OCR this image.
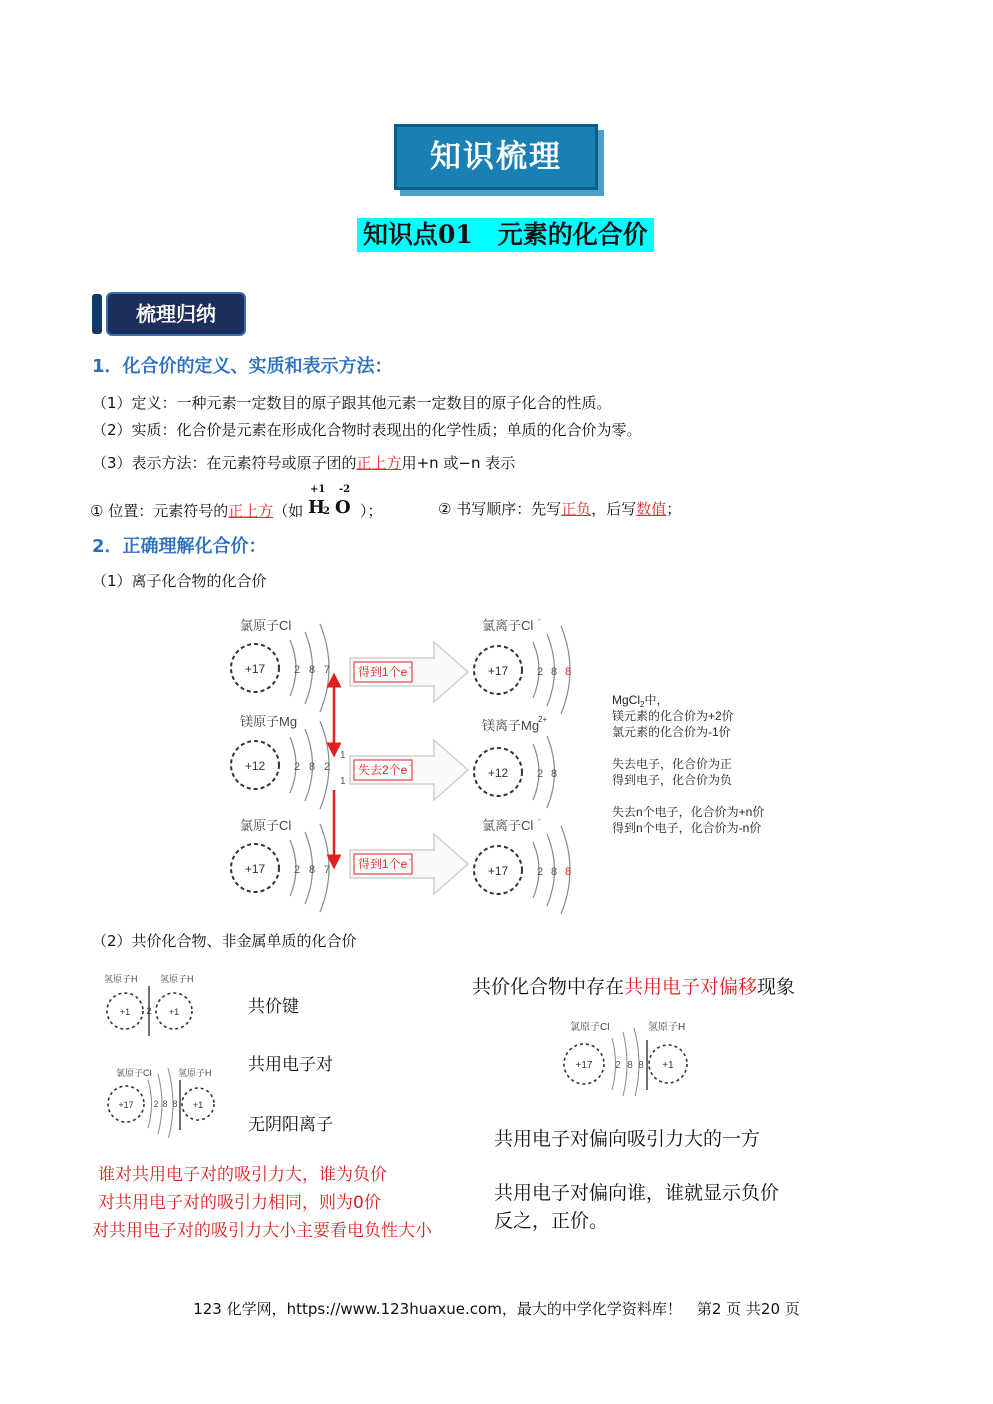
知识梳理
知识点01　元素的化合价
梳理归纳
1．化合价的定义、实质和表示方法：
（1）定义：一种元素一定数目的原子跟其他元素一定数目的原子化合的性质。
（2）实质：化合价是元素在形成化合物时表现出的化学性质；单质的化合价为零。
（3）表示方法：在元素符号或原子团的正上方用+n 或−n 表示
① 位置：元素符号的正上方（如
+1 -2
H
2 O ）；	② 书写顺序：先写正负，后写数值；
2．正确理解化合价：
（1）离子化合物的化合价
氯原子Cl
+17	2 8 7
镁原子Mg
+12	2 8 2
氯原子Cl
+17	2 8 7
1
1
得到1个e -
失去2个e -
得到1个e -
氯离子Cl -
+17	2 8 8
镁离子Mg
2+
+12	2 8
氯离子Cl -
+17	2 8 8
MgCl$_2$中，
镁元素的化合价为+2价
氯元素的化合价为-1价
失去电子，化合价为正
得到电子，化合价为负
失去n个电子，化合价为+n价
得到n个电子，化合价为-n价
（2）共价化合物、非金属单质的化合价
氢原子H	氢原子H
+1	+1
2
氯原子Cl	氢原子H
+17 2 8 8 +1
共价键
共用电子对
无阴阳离子
谁对共用电子对的吸引力大，谁为负价
对共用电子对的吸引力相同，则为0价
对共用电子对的吸引力大小主要看电负性大小
共价化合物中存在共用电子对偏移现象
氯原子Cl	氢原子H
+17 2 8 8 +1
共用电子对偏向吸引力大的一方
共用电子对偏向谁，谁就显示负价
反之，正价。
123 化学网，https://www.123huaxue.com，最大的中学化学资料库！　第2 页 共20 页
